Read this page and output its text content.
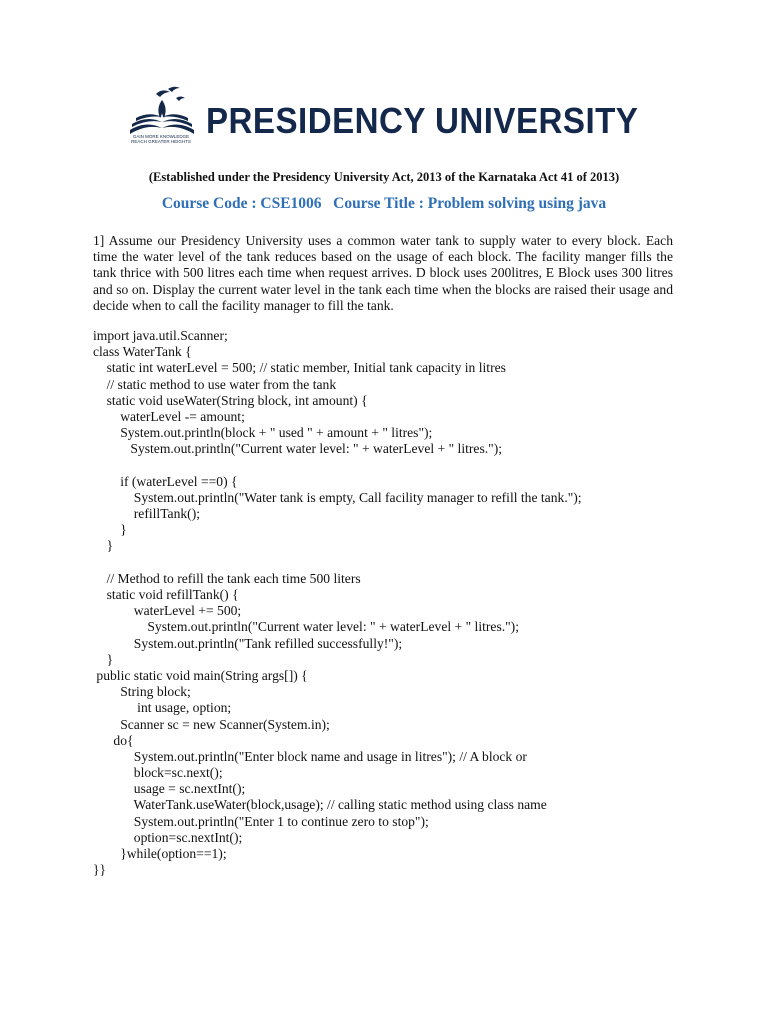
GAIN MORE KNOWLEDGE
REACH GREATER HEIGHTS
PRESIDENCY UNIVERSITY
(Established under the Presidency University Act, 2013 of the Karnataka Act 41 of 2013)
Course Code : CSE1006   Course Title : Problem solving using java
1] Assume our Presidency University uses a common water tank to supply water to every block. Each time the water level of the tank reduces based on the usage of each block. The facility manger fills the tank thrice with 500 litres each time when request arrives. D block uses 200litres, E Block uses 300 litres and so on. Display the current water level in the tank each time when the blocks are raised their usage and decide when to call the facility manager to fill the tank.
import java.util.Scanner;
class WaterTank {
static int waterLevel = 500; // static member, Initial tank capacity in litres
// static method to use water from the tank
static void useWater(String block, int amount) {
waterLevel -= amount;
System.out.println(block + " used " + amount + " litres");
System.out.println("Current water level: " + waterLevel + " litres.");
if (waterLevel ==0) {
System.out.println("Water tank is empty, Call facility manager to refill the tank.");
refillTank();
}
}
// Method to refill the tank each time 500 liters
static void refillTank() {
waterLevel += 500;
System.out.println("Current water level: " + waterLevel + " litres.");
System.out.println("Tank refilled successfully!");
}
public static void main(String args[]) {
String block;
int usage, option;
Scanner sc = new Scanner(System.in);
do{
System.out.println("Enter block name and usage in litres"); // A block or
block=sc.next();
usage = sc.nextInt();
WaterTank.useWater(block,usage); // calling static method using class name
System.out.println("Enter 1 to continue zero to stop");
option=sc.nextInt();
}while(option==1);
}}
